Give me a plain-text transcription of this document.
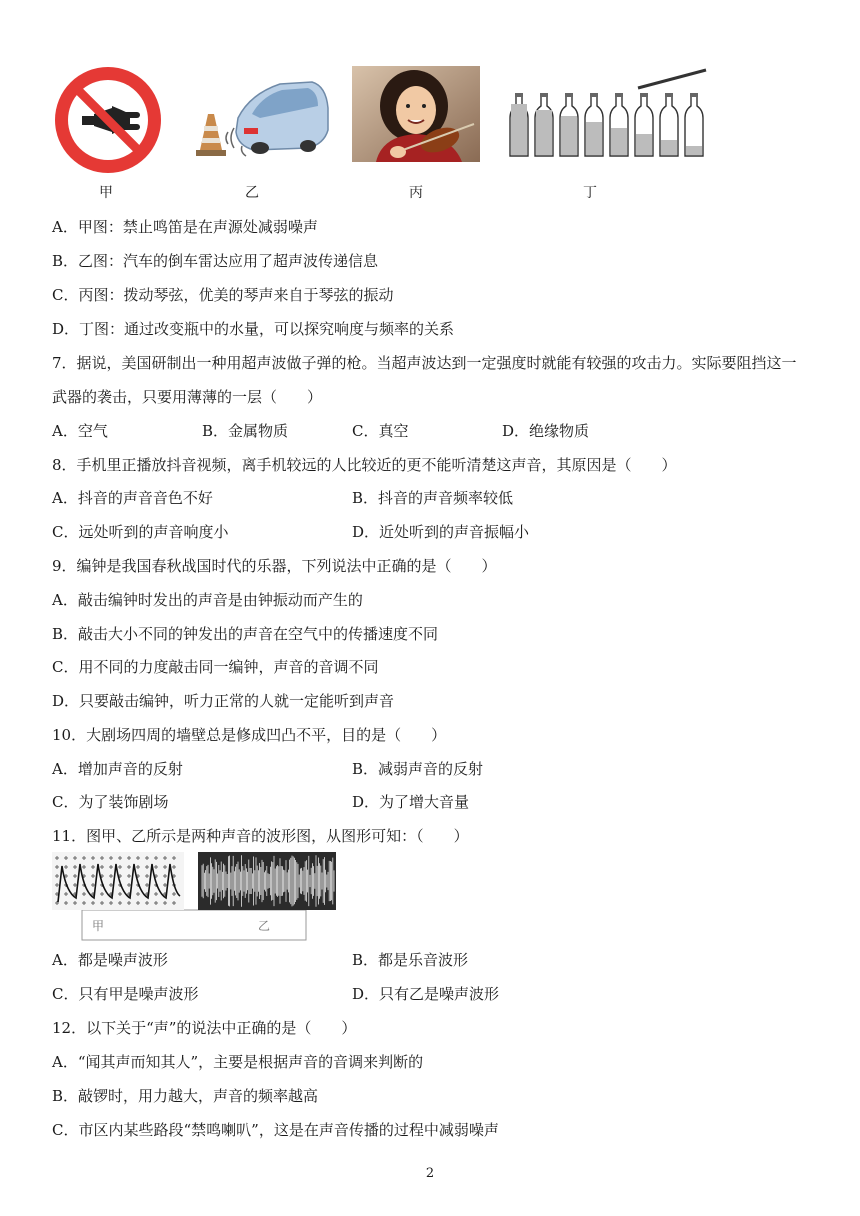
甲	乙	丙	丁
A．甲图：禁止鸣笛是在声源处减弱噪声
B．乙图：汽车的倒车雷达应用了超声波传递信息
C．丙图：拨动琴弦，优美的琴声来自于琴弦的振动
D．丁图：通过改变瓶中的水量，可以探究响度与频率的关系
7．据说，美国研制出一种用超声波做子弹的枪。当超声波达到一定强度时就能有较强的攻击力。实际要阻挡这一
武器的袭击，只要用薄薄的一层（　　）
A．空气	B．金属物质	C．真空	D．绝缘物质
8．手机里正播放抖音视频，离手机较远的人比较近的更不能听清楚这声音，其原因是（　　）
A．抖音的声音音色不好	B．抖音的声音频率较低
C．远处听到的声音响度小	D．近处听到的声音振幅小
9．编钟是我国春秋战国时代的乐器，下列说法中正确的是（　　）
A．敲击编钟时发出的声音是由钟振动而产生的
B．敲击大小不同的钟发出的声音在空气中的传播速度不同
C．用不同的力度敲击同一编钟，声音的音调不同
D．只要敲击编钟，听力正常的人就一定能听到声音
10．大剧场四周的墙壁总是修成凹凸不平，目的是（　　）
A．增加声音的反射	B．减弱声音的反射
C．为了装饰剧场	D．为了增大音量
11．图甲、乙所示是两种声音的波形图，从图形可知：（　　）
甲	乙
A．都是噪声波形	B．都是乐音波形
C．只有甲是噪声波形	D．只有乙是噪声波形
12．以下关于“声”的说法中正确的是（　　）
A．“闻其声而知其人”，主要是根据声音的音调来判断的
B．敲锣时，用力越大，声音的频率越高
C．市区内某些路段“禁鸣喇叭”，这是在声音传播的过程中减弱噪声
2
